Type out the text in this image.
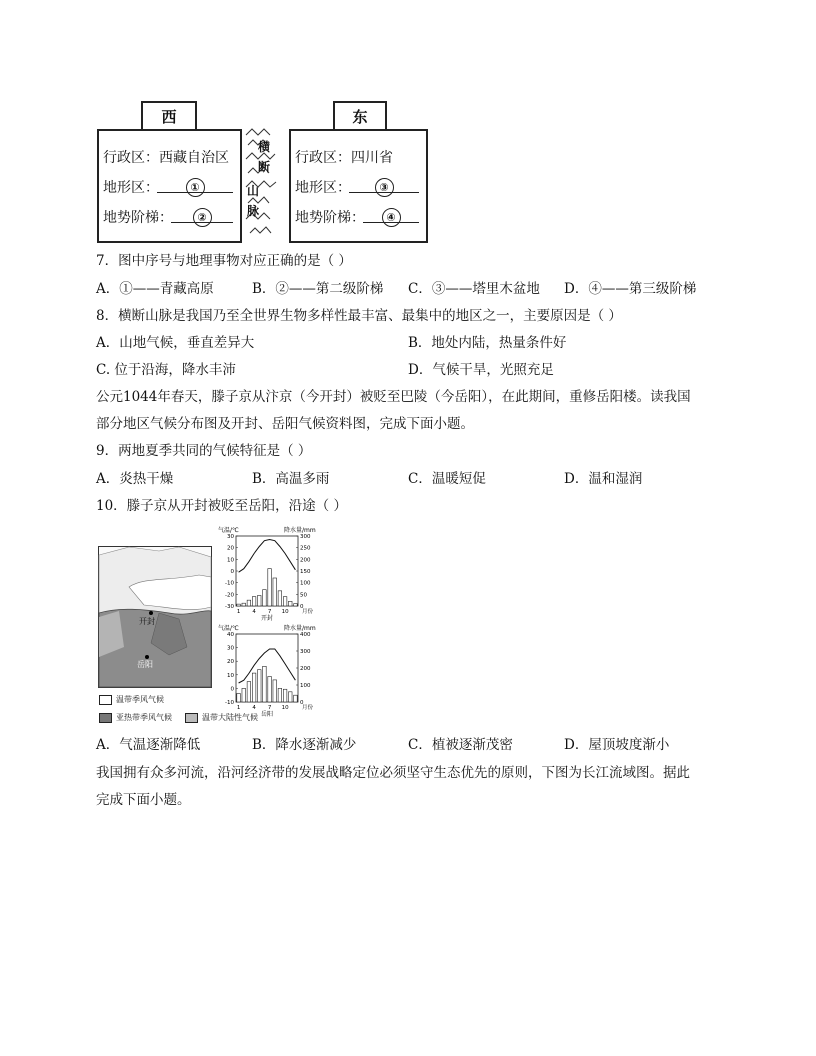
西	东
行政区：西藏自治区
地形区：	①
地势阶梯：	②
横
断
山
脉
行政区：四川省
地形区：	③
地势阶梯：	④
7．图中序号与地理事物对应正确的是（ ）
A．①——青藏高原	B．②——第二级阶梯 C．③——塔里木盆地 D．④——第三级阶梯
8．横断山脉是我国乃至全世界生物多样性最丰富、最集中的地区之一，主要原因是（ ）
A．山地气候，垂直差异大	B．地处内陆，热量条件好
C. 位于沿海，降水丰沛	D．气候干旱，光照充足
公元1044年春天，滕子京从汴京（今开封）被贬至巴陵（今岳阳），在此期间，重修岳阳楼。读我国
部分地区气候分布图及开封、岳阳气候资料图，完成下面小题。
9．两地夏季共同的气候特征是（ ）
A．炎热干燥	B．高温多雨	C．温暖短促	D．温和湿润
10．滕子京从开封被贬至岳阳，沿途（ ）
开封
岳阳
温带季风气候
亚热带季风气候	温带大陆性气候
气温/℃	降水量/mm
30
20
10
0
-10
-20
-30
300
250
200
150
100
50
0
1 4 7 10 月份
开封
气温/℃	降水量/mm
40
30
20
10
0
-10
400
300
200
100
0
1 4 7 10 月份
岳阳
A．气温逐渐降低	B．降水逐渐减少	C．植被逐渐茂密	D．屋顶坡度渐小
我国拥有众多河流，沿河经济带的发展战略定位必须坚守生态优先的原则，下图为长江流域图。据此
完成下面小题。
